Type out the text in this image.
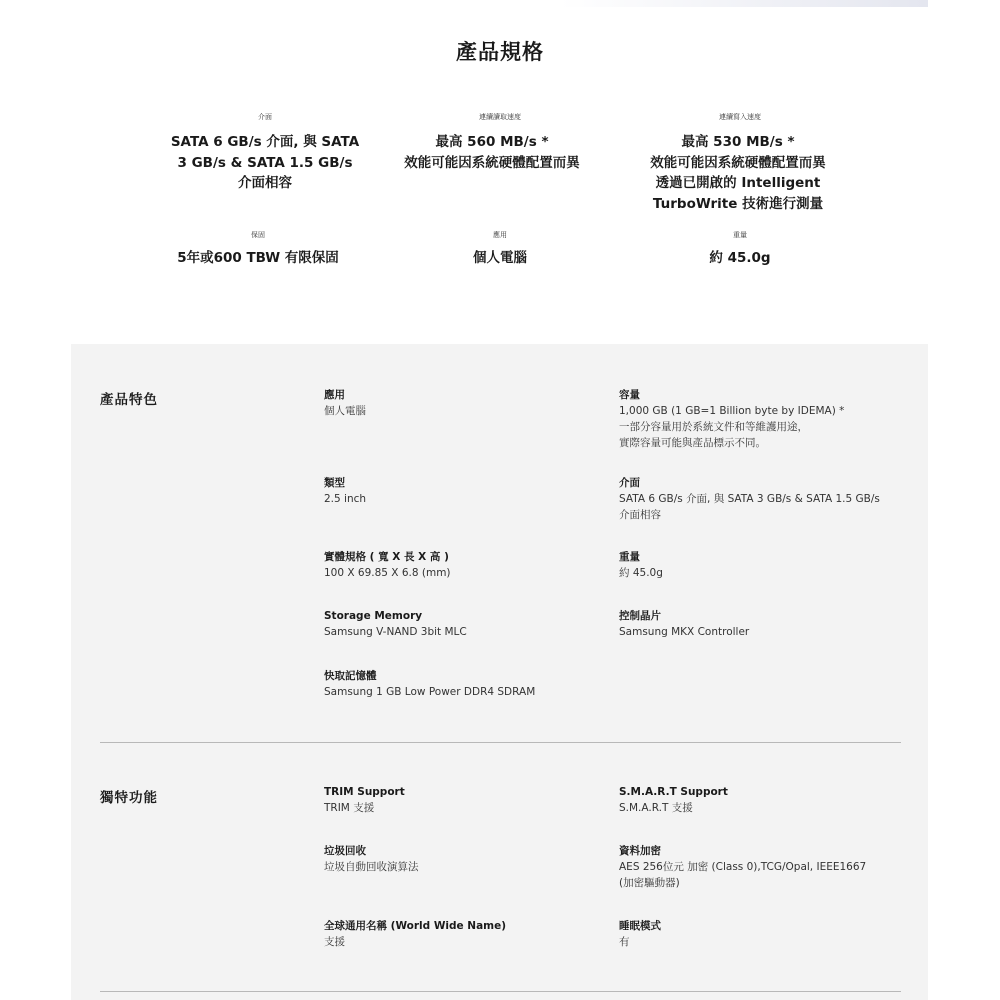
產品規格
介面
SATA 6 GB/s 介面, 與 SATA
3 GB/s & SATA 1.5 GB/s
介面相容
連續讀取速度
最高 560 MB/s *
效能可能因系統硬體配置而異
連續寫入速度
最高 530 MB/s *
效能可能因系統硬體配置而異
透過已開啟的 Intelligent
TurboWrite 技術進行測量
保固
5年或600 TBW 有限保固
應用
個人電腦
重量
約 45.0g
產品特色	應用
個人電腦
容量
1,000 GB (1 GB=1 Billion byte by IDEMA) *
一部分容量用於系統文件和等維護用途，
實際容量可能與產品標示不同。
類型
2.5 inch
介面
SATA 6 GB/s 介面, 與 SATA 3 GB/s & SATA 1.5 GB/s
介面相容
實體規格 ( 寬 X 長 X 高 )
100 X 69.85 X 6.8 (mm)
重量
約 45.0g
Storage Memory
Samsung V-NAND 3bit MLC
控制晶片
Samsung MKX Controller
快取記憶體
Samsung 1 GB Low Power DDR4 SDRAM
獨特功能	TRIM Support
TRIM 支援
S.M.A.R.T Support
S.M.A.R.T 支援
垃圾回收
垃圾自動回收演算法
資料加密
AES 256位元 加密 (Class 0),TCG/Opal, IEEE1667
(加密驅動器)
全球通用名稱 (World Wide Name)
支援
睡眠模式
有
